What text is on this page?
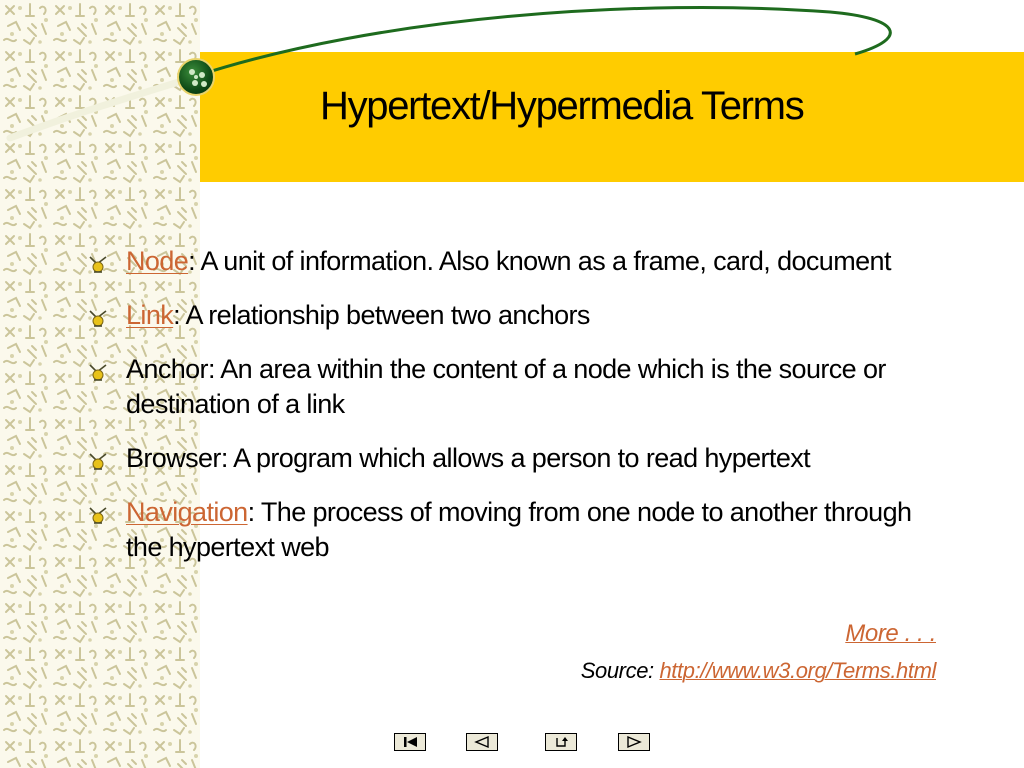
Hypertext/Hypermedia Terms
Node: A unit of information. Also known as a frame, card, document
Link: A relationship between two anchors
Anchor: An area within the content of a node which is the source or destination of a link
Browser: A program which allows a person to read hypertext
Navigation: The process of moving from one node to another through the hypertext web
More . . .
Source: http://www.w3.org/Terms.html
